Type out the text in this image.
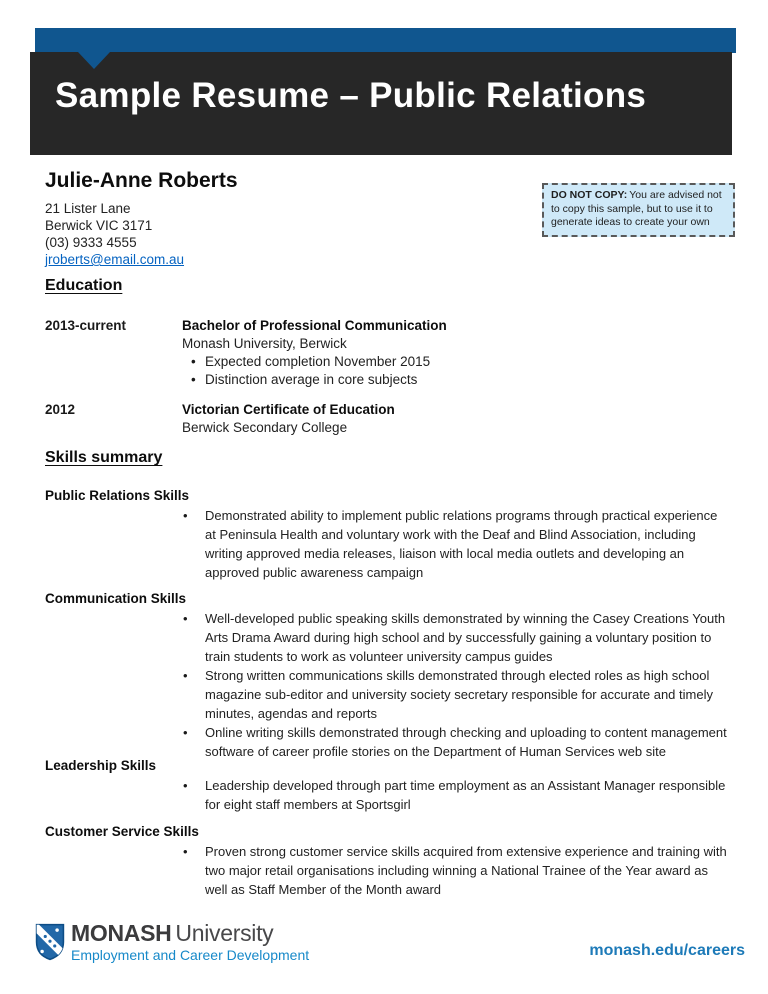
Sample Resume – Public Relations
Julie-Anne Roberts
21 Lister Lane
Berwick VIC 3171
(03) 9333 4555
jroberts@email.com.au
DO NOT COPY: You are advised not to copy this sample, but to use it to generate ideas to create your own
Education
2013-current	Bachelor of Professional Communication
Monash University, Berwick
• Expected completion November 2015
• Distinction average in core subjects
2012	Victorian Certificate of Education
Berwick Secondary College
Skills summary
Public Relations Skills
•	Demonstrated ability to implement public relations programs through practical experience at Peninsula Health and voluntary work with the Deaf and Blind Association, including writing approved media releases, liaison with local media outlets and developing an approved public awareness campaign
Communication Skills
•	Well-developed public speaking skills demonstrated by winning the Casey Creations Youth Arts Drama Award during high school and by successfully gaining a voluntary position to train students to work as volunteer university campus guides
•	Strong written communications skills demonstrated through elected roles as high school magazine sub-editor and university society secretary responsible for accurate and timely minutes, agendas and reports
•	Online writing skills demonstrated through checking and uploading to content management software of career profile stories on the Department of Human Services web site
Leadership Skills
•	Leadership developed through part time employment as an Assistant Manager responsible for eight staff members at Sportsgirl
Customer Service Skills
•	Proven strong customer service skills acquired from extensive experience and training with two major retail organisations including winning a National Trainee of the Year award as well as Staff Member of the Month award
MONASH University
Employment and Career Development	monash.edu/careers
